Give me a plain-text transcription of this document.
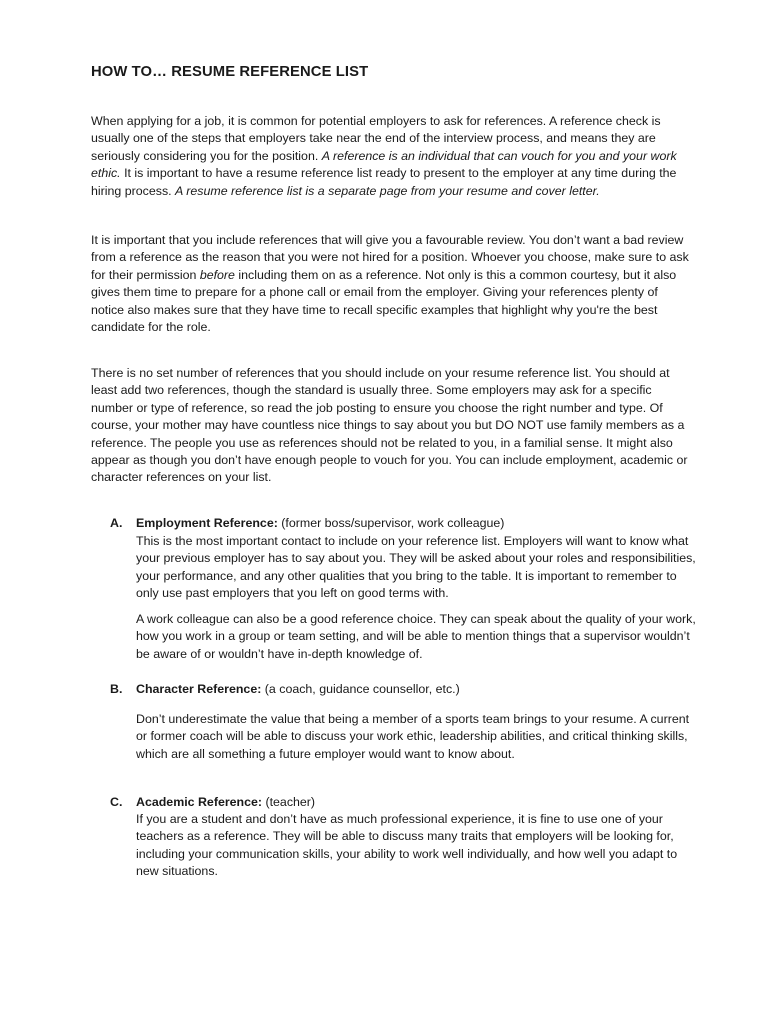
HOW TO… RESUME REFERENCE LIST

When applying for a job, it is common for potential employers to ask for references. A reference check is usually one of the steps that employers take near the end of the interview process, and means they are seriously considering you for the position. A reference is an individual that can vouch for you and your work ethic. It is important to have a resume reference list ready to present to the employer at any time during the hiring process. A resume reference list is a separate page from your resume and cover letter.

It is important that you include references that will give you a favourable review. You don’t want a bad review from a reference as the reason that you were not hired for a position. Whoever you choose, make sure to ask for their permission before including them on as a reference. Not only is this a common courtesy, but it also gives them time to prepare for a phone call or email from the employer. Giving your references plenty of notice also makes sure that they have time to recall specific examples that highlight why you're the best candidate for the role.

There is no set number of references that you should include on your resume reference list. You should at least add two references, though the standard is usually three. Some employers may ask for a specific number or type of reference, so read the job posting to ensure you choose the right number and type. Of course, your mother may have countless nice things to say about you but DO NOT use family members as a reference. The people you use as references should not be related to you, in a familial sense. It might also appear as though you don’t have enough people to vouch for you. You can include employment, academic or character references on your list.

A. Employment Reference: (former boss/supervisor, work colleague)

This is the most important contact to include on your reference list. Employers will want to know what your previous employer has to say about you. They will be asked about your roles and responsibilities, your performance, and any other qualities that you bring to the table. It is important to remember to only use past employers that you left on good terms with.

A work colleague can also be a good reference choice. They can speak about the quality of your work, how you work in a group or team setting, and will be able to mention things that a supervisor wouldn’t be aware of or wouldn’t have in-depth knowledge of.

B. Character Reference: (a coach, guidance counsellor, etc.)

Don’t underestimate the value that being a member of a sports team brings to your resume. A current or former coach will be able to discuss your work ethic, leadership abilities, and critical thinking skills, which are all something a future employer would want to know about.

C. Academic Reference: (teacher)

If you are a student and don’t have as much professional experience, it is fine to use one of your teachers as a reference. They will be able to discuss many traits that employers will be looking for, including your communication skills, your ability to work well individually, and how well you adapt to new situations.
